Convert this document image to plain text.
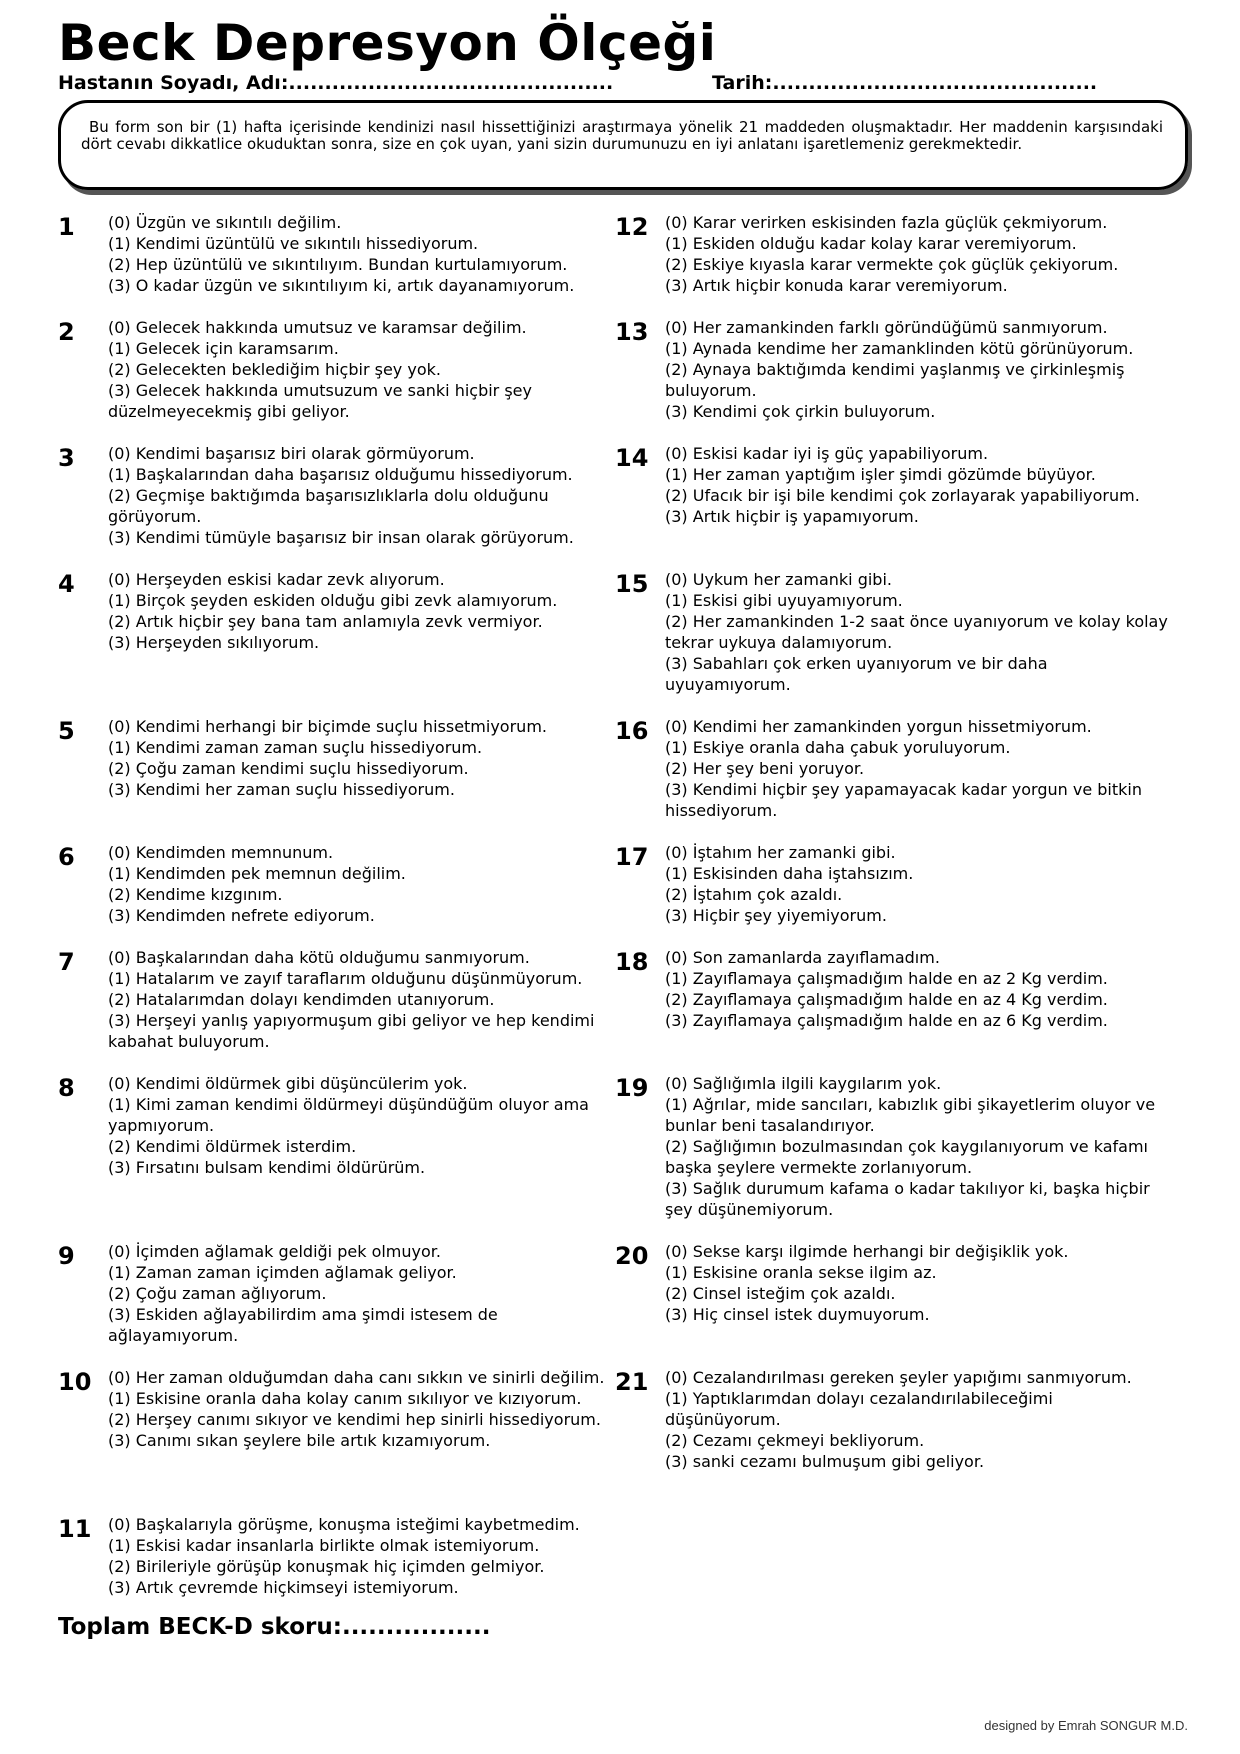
Beck Depresyon Ölçeği
Hastanın Soyadı, Adı:.............................................	Tarih:.............................................
Bu form son bir (1) hafta içerisinde kendinizi nasıl hissettiğinizi araştırmaya yönelik 21 maddeden oluşmaktadır. Her maddenin karşısındaki dört cevabı dikkatlice okuduktan sonra, size en çok uyan, yani sizin durumunuzu en iyi anlatanı işaretlemeniz gerekmektedir.
1 (0) Üzgün ve sıkıntılı değilim.

(1) Kendimi üzüntülü ve sıkıntılı hissediyorum.

(2) Hep üzüntülü ve sıkıntılıyım. Bundan kurtulamıyorum.

(3) O kadar üzgün ve sıkıntılıyım ki, artık dayanamıyorum.

2 (0) Gelecek hakkında umutsuz ve karamsar değilim.

(1) Gelecek için karamsarım.

(2) Gelecekten beklediğim hiçbir şey yok.

(3) Gelecek hakkında umutsuzum ve sanki hiçbir şey düzelmeyecekmiş gibi geliyor.

3 (0) Kendimi başarısız biri olarak görmüyorum.

(1) Başkalarından daha başarısız olduğumu hissediyorum.

(2) Geçmişe baktığımda başarısızlıklarla dolu olduğunu görüyorum.

(3) Kendimi tümüyle başarısız bir insan olarak görüyorum.

4 (0) Herşeyden eskisi kadar zevk alıyorum.

(1) Birçok şeyden eskiden olduğu gibi zevk alamıyorum.

(2) Artık hiçbir şey bana tam anlamıyla zevk vermiyor.

(3) Herşeyden sıkılıyorum.

5 (0) Kendimi herhangi bir biçimde suçlu hissetmiyorum.

(1) Kendimi zaman zaman suçlu hissediyorum.

(2) Çoğu zaman kendimi suçlu hissediyorum.

(3) Kendimi her zaman suçlu hissediyorum.

6 (0) Kendimden memnunum.

(1) Kendimden pek memnun değilim.

(2) Kendime kızgınım.

(3) Kendimden nefrete ediyorum.

7 (0) Başkalarından daha kötü olduğumu sanmıyorum.

(1) Hatalarım ve zayıf taraflarım olduğunu düşünmüyorum.

(2) Hatalarımdan dolayı kendimden utanıyorum.

(3) Herşeyi yanlış yapıyormuşum gibi geliyor ve hep kendimi kabahat buluyorum.

8 (0) Kendimi öldürmek gibi düşüncülerim yok.

(1) Kimi zaman kendimi öldürmeyi düşündüğüm oluyor ama yapmıyorum.

(2) Kendimi öldürmek isterdim.

(3) Fırsatını bulsam kendimi öldürürüm.

9 (0) İçimden ağlamak geldiği pek olmuyor.

(1) Zaman zaman içimden ağlamak geliyor.

(2) Çoğu zaman ağlıyorum.

(3) Eskiden ağlayabilirdim ama şimdi istesem de ağlayamıyorum.

10 (0) Her zaman olduğumdan daha canı sıkkın ve sinirli değilim.

(1) Eskisine oranla daha kolay canım sıkılıyor ve kızıyorum.

(2) Herşey canımı sıkıyor ve kendimi hep sinirli hissediyorum.

(3) Canımı sıkan şeylere bile artık kızamıyorum.

11 (0) Başkalarıyla görüşme, konuşma isteğimi kaybetmedim.

(1) Eskisi kadar insanlarla birlikte olmak istemiyorum.

(2) Birileriyle görüşüp konuşmak hiç içimden gelmiyor.

(3) Artık çevremde hiçkimseyi istemiyorum.

12 (0) Karar verirken eskisinden fazla güçlük çekmiyorum.

(1) Eskiden olduğu kadar kolay karar veremiyorum.

(2) Eskiye kıyasla karar vermekte çok güçlük çekiyorum.

(3) Artık hiçbir konuda karar veremiyorum.

13 (0) Her zamankinden farklı göründüğümü sanmıyorum.

(1) Aynada kendime her zamanklinden kötü görünüyorum.

(2) Aynaya baktığımda kendimi yaşlanmış ve çirkinleşmiş buluyorum.

(3) Kendimi çok çirkin buluyorum.

14 (0) Eskisi kadar iyi iş güç yapabiliyorum.

(1) Her zaman yaptığım işler şimdi gözümde büyüyor.

(2) Ufacık bir işi bile kendimi çok zorlayarak yapabiliyorum.

(3) Artık hiçbir iş yapamıyorum.

15 (0) Uykum her zamanki gibi.

(1) Eskisi gibi uyuyamıyorum.

(2) Her zamankinden 1-2 saat önce uyanıyorum ve kolay kolay tekrar uykuya dalamıyorum.

(3) Sabahları çok erken uyanıyorum ve bir daha uyuyamıyorum.

16 (0) Kendimi her zamankinden yorgun hissetmiyorum.

(1) Eskiye oranla daha çabuk yoruluyorum.

(2) Her şey beni yoruyor.

(3) Kendimi hiçbir şey yapamayacak kadar yorgun ve bitkin hissediyorum.

17 (0) İştahım her zamanki gibi.

(1) Eskisinden daha iştahsızım.

(2) İştahım çok azaldı.

(3) Hiçbir şey yiyemiyorum.

18 (0) Son zamanlarda zayıflamadım.

(1) Zayıflamaya çalışmadığım halde en az 2 Kg verdim.

(2) Zayıflamaya çalışmadığım halde en az 4 Kg verdim.

(3) Zayıflamaya çalışmadığım halde en az 6 Kg verdim.

19 (0) Sağlığımla ilgili kaygılarım yok.

(1) Ağrılar, mide sancıları, kabızlık gibi şikayetlerim oluyor ve bunlar beni tasalandırıyor.

(2) Sağlığımın bozulmasından çok kaygılanıyorum ve kafamı başka şeylere vermekte zorlanıyorum.

(3) Sağlık durumum kafama o kadar takılıyor ki, başka hiçbir şey düşünemiyorum.

20 (0) Sekse karşı ilgimde herhangi bir değişiklik yok.

(1) Eskisine oranla sekse ilgim az.

(2) Cinsel isteğim çok azaldı.

(3) Hiç cinsel istek duymuyorum.

21 (0) Cezalandırılması gereken şeyler yapığımı sanmıyorum.

(1) Yaptıklarımdan dolayı cezalandırılabileceğimi düşünüyorum.

(2) Cezamı çekmeyi bekliyorum.

(3) sanki cezamı bulmuşum gibi geliyor.

Toplam BECK-D skoru:.................
designed by Emrah SONGUR M.D.
